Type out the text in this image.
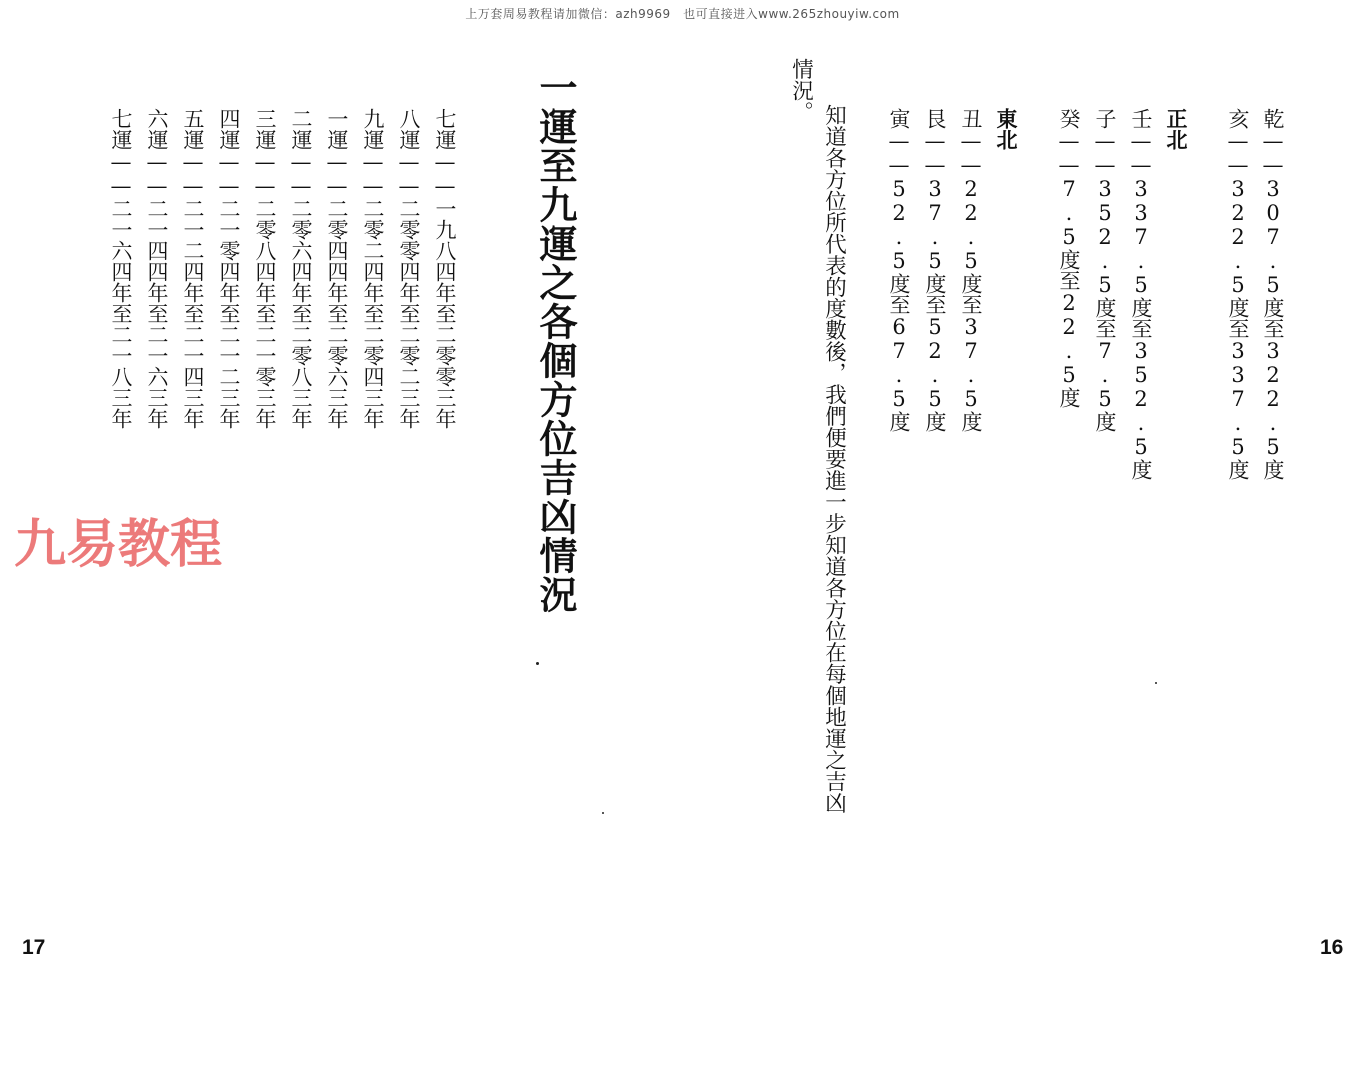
上万套周易教程请加微信：azh9969　也可直接进入www.265zhouyiw.com
乾——307.5度至322.5度
亥——322.5度至337.5度
正北
壬——337.5度至352.5度
子——352.5度至7.5度
癸——7.5度至22.5度
東北
丑——22.5度至37.5度
艮——37.5度至52.5度
寅——52.5度至67.5度
知道各方位所代表的度數後，我們便要進一步知道各方位在每個地運之吉凶
情況。
一運至九運之各個方位吉凶情況
七運——一九八四年至二零零三年
八運——二零零四年至二零二三年
九運——二零二四年至二零四三年
一運——二零四四年至二零六三年
二運——二零六四年至二零八三年
三運——二零八四年至二一零三年
四運——二一零四年至二一二三年
五運——二一二四年至二一四三年
六運——二一四四年至二一六三年
七運——二一六四年至二一八三年
九易教程
17	16
